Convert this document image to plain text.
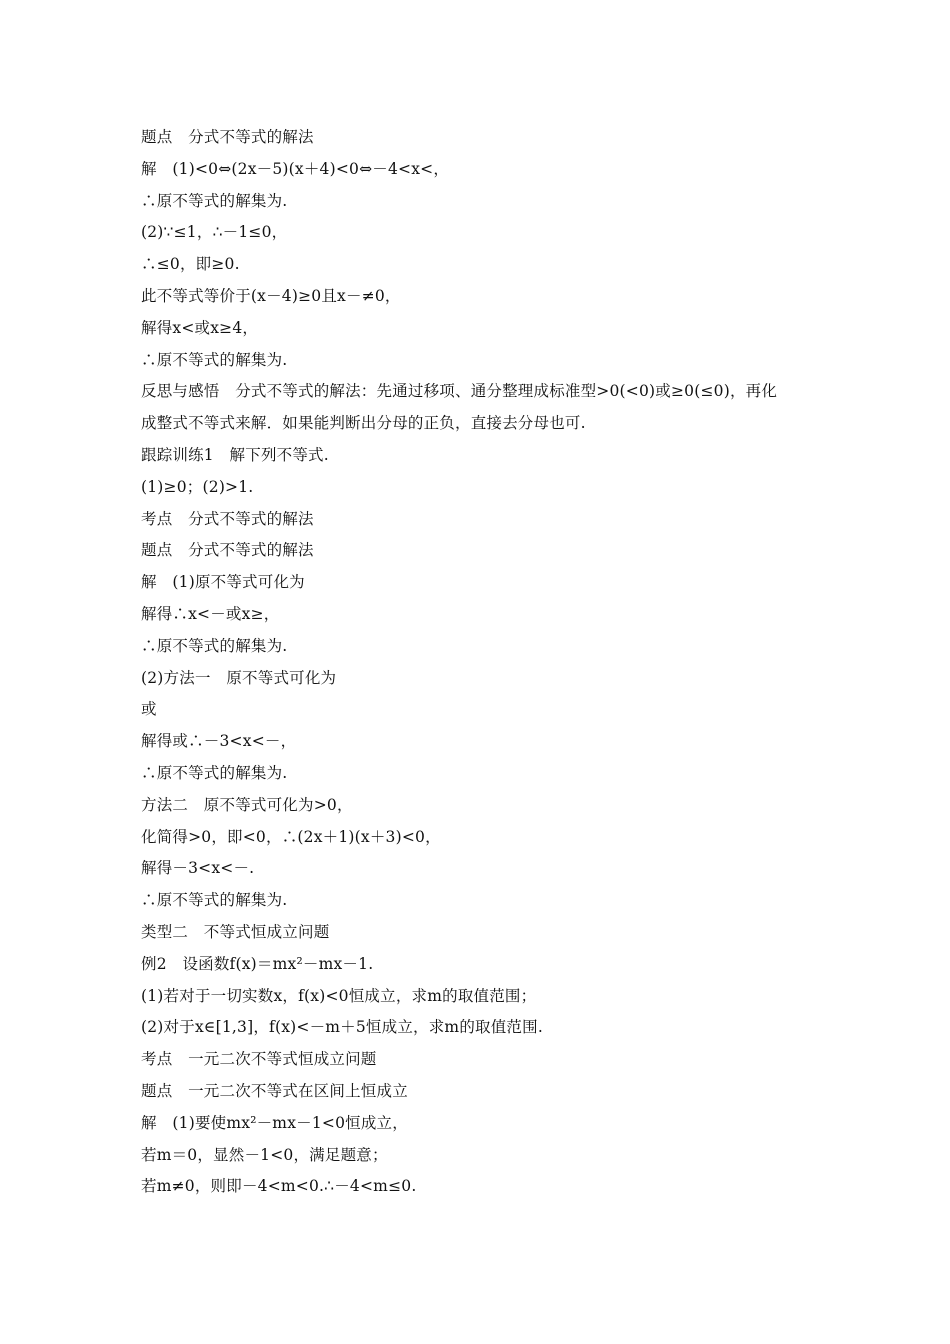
题点　分式不等式的解法
解　(1)<0⇔(2x－5)(x＋4)<0⇔－4<x<，
∴原不等式的解集为.
(2)∵≤1，∴－1≤0，
∴≤0，即≥0.
此不等式等价于(x－4)≥0且x－≠0，
解得x<或x≥4，
∴原不等式的解集为.
反思与感悟　分式不等式的解法：先通过移项、通分整理成标准型>0(<0)或≥0(≤0)，再化
成整式不等式来解．如果能判断出分母的正负，直接去分母也可.
跟踪训练1　解下列不等式.
(1)≥0；(2)>1.
考点　分式不等式的解法
题点　分式不等式的解法
解　(1)原不等式可化为
解得∴x<－或x≥，
∴原不等式的解集为.
(2)方法一　原不等式可化为
或
解得或∴－3<x<－，
∴原不等式的解集为.
方法二　原不等式可化为>0，
化简得>0，即<0，∴(2x＋1)(x＋3)<0，
解得－3<x<－.
∴原不等式的解集为.
类型二　不等式恒成立问题
例2　设函数f(x)＝mx²－mx－1.
(1)若对于一切实数x，f(x)<0恒成立，求m的取值范围；
(2)对于x∈[1,3]，f(x)<－m＋5恒成立，求m的取值范围.
考点　一元二次不等式恒成立问题
题点　一元二次不等式在区间上恒成立
解　(1)要使mx²－mx－1<0恒成立，
若m＝0，显然－1<0，满足题意；
若m≠0，则即－4<m<0.∴－4<m≤0.
